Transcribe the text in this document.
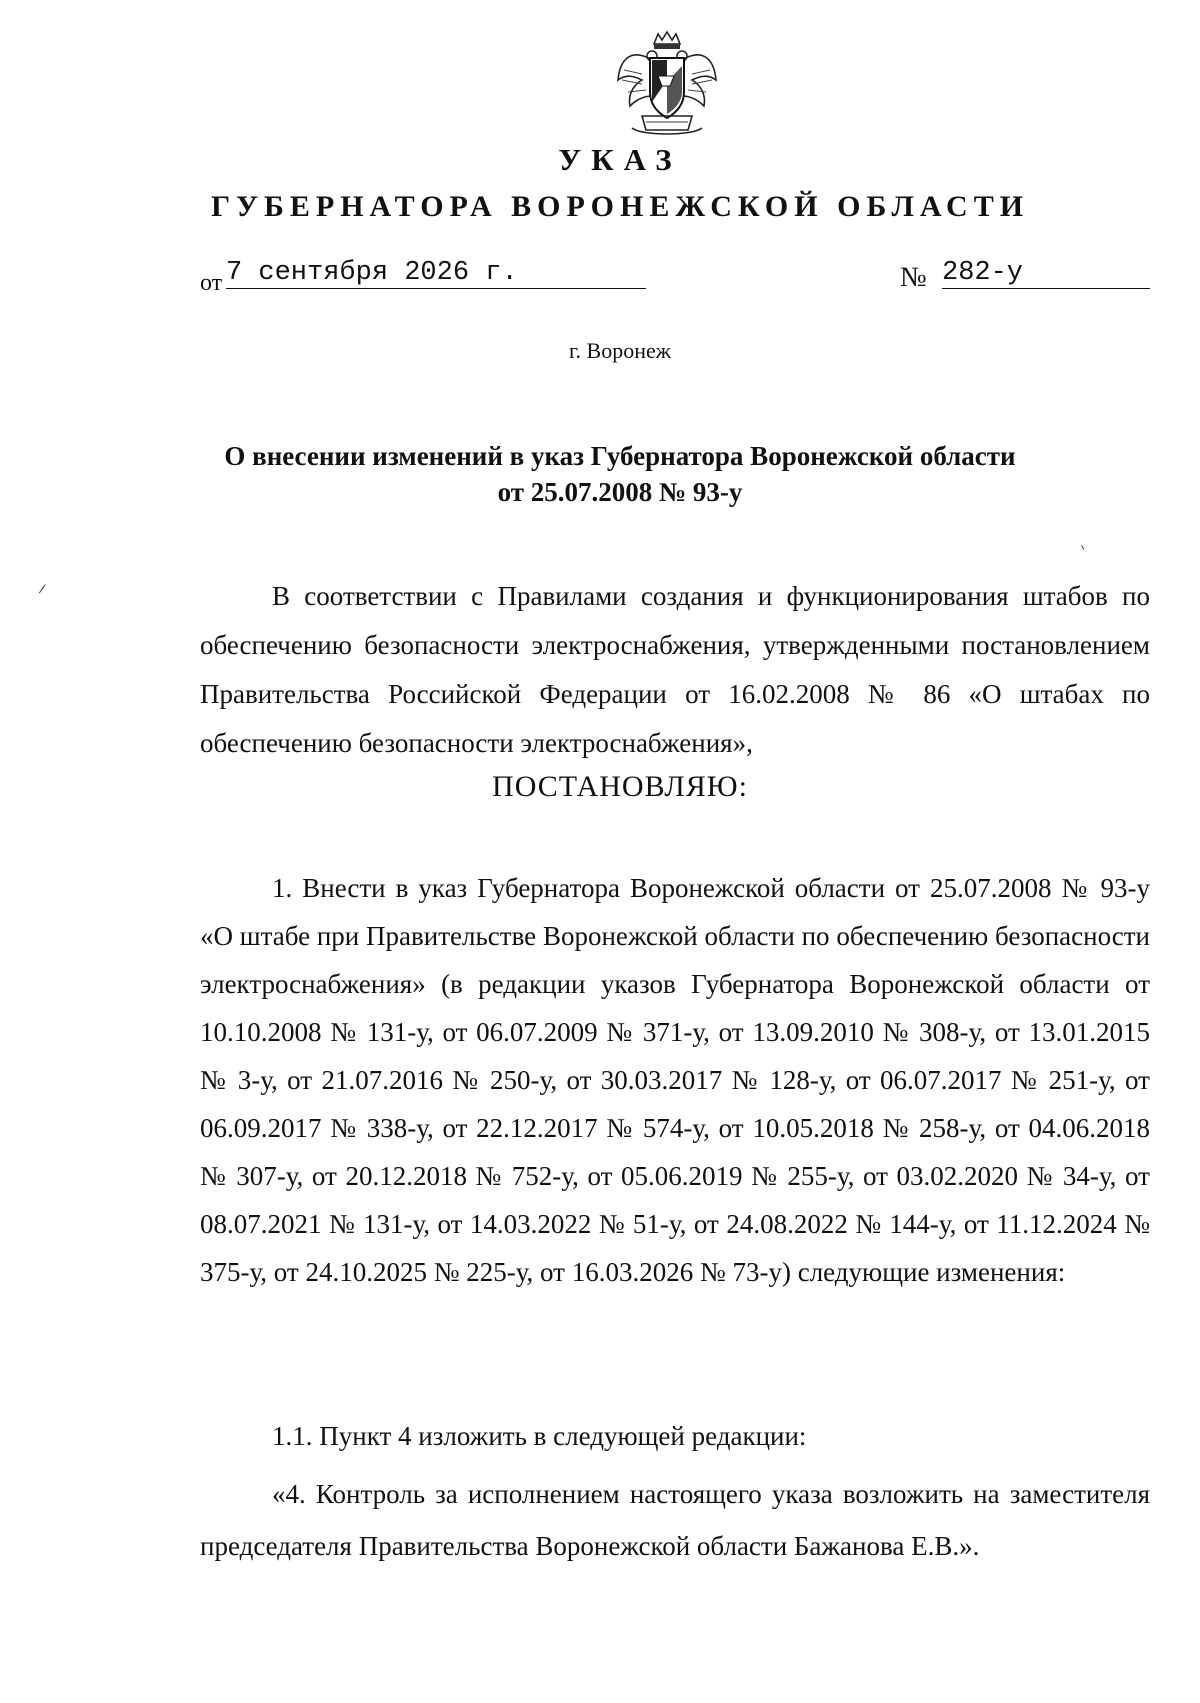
УКАЗ
ГУБЕРНАТОРА ВОРОНЕЖСКОЙ ОБЛАСТИ
от 7 сентября 2026 г.	№ 282-у
г. Воронеж
О внесении изменений в указ Губернатора Воронежской области
от 25.07.2008 № 93-у
В соответствии с Правилами создания и функционирования штабов по обеспечению безопасности электроснабжения, утвержденными постановлением Правительства Российской Федерации от 16.02.2008 № 86 «О штабах по обеспечению безопасности электроснабжения»,
ПОСТАНОВЛЯЮ:
1. Внести в указ Губернатора Воронежской области от 25.07.2008 № 93-у «О штабе при Правительстве Воронежской области по обеспечению безопасности электроснабжения» (в редакции указов Губернатора Воронежской области от 10.10.2008 № 131-у, от 06.07.2009 № 371-у, от 13.09.2010 № 308-у, от 13.01.2015 № 3-у, от 21.07.2016 № 250-у, от 30.03.2017 № 128-у, от 06.07.2017 № 251-у, от 06.09.2017 № 338-у, от 22.12.2017 № 574-у, от 10.05.2018 № 258-у, от 04.06.2018 № 307-у, от 20.12.2018 № 752-у, от 05.06.2019 № 255-у, от 03.02.2020 № 34-у, от 08.07.2021 № 131-у, от 14.03.2022 № 51-у, от 24.08.2022 № 144-у, от 11.12.2024 № 375-у, от 24.10.2025 № 225-у, от 16.03.2026 № 73-у) следующие изменения:
1.1. Пункт 4 изложить в следующей редакции:
«4. Контроль за исполнением настоящего указа возложить на заместителя председателя Правительства Воронежской области Бажанова Е.В.».
